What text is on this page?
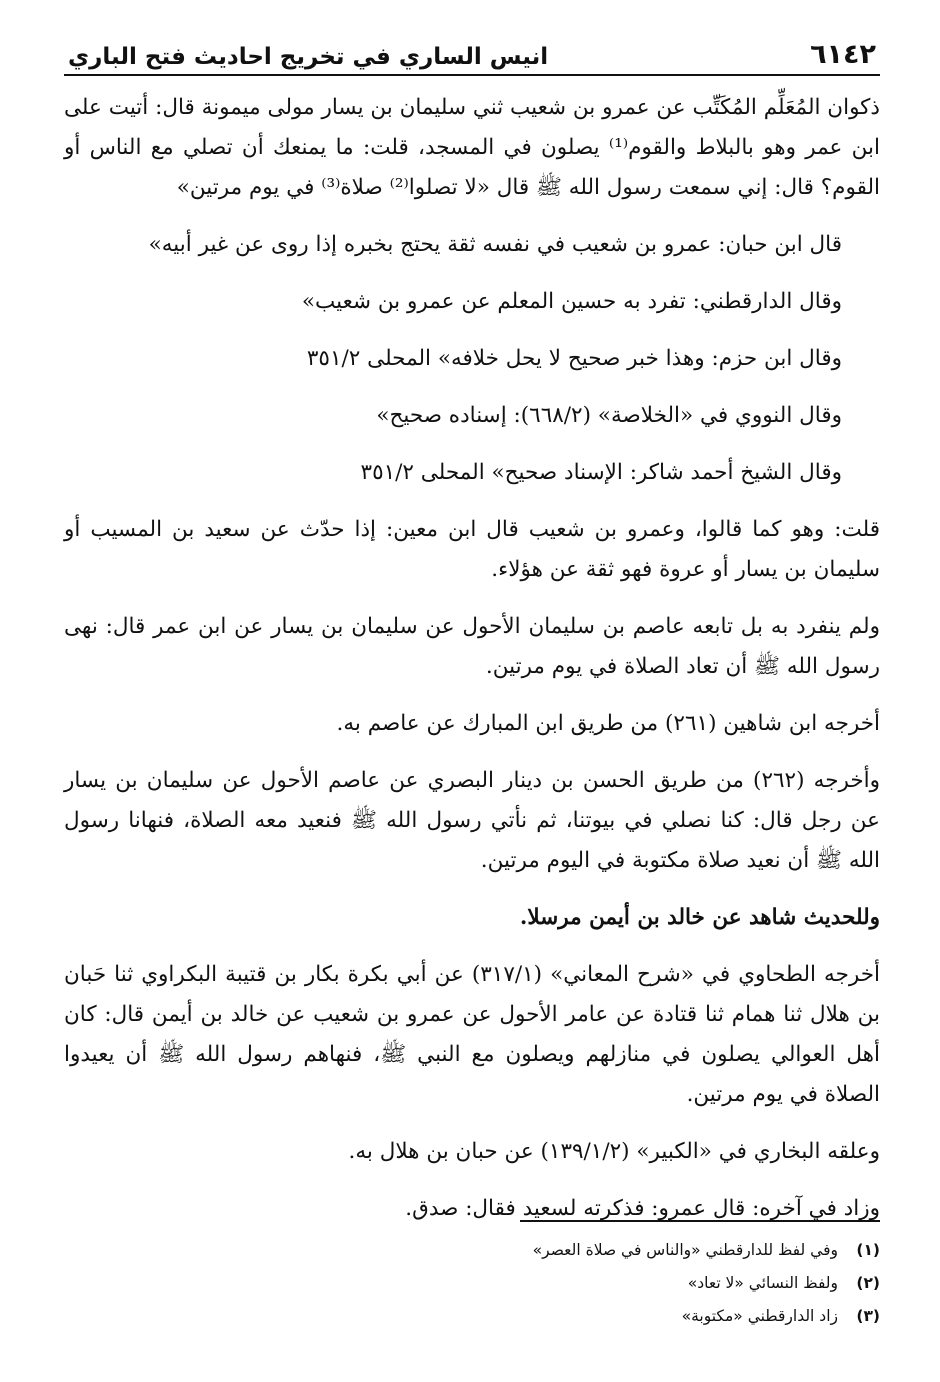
٦١٤٢
انيس الساري في تخريج احاديث فتح الباري

ذكوان المُعَلِّم المُكَتِّب عن عمرو بن شعيب ثني سليمان بن يسار مولى ميمونة قال: أتيت على ابن عمر وهو بالبلاط والقوم⁽¹⁾ يصلون في المسجد، قلت: ما يمنعك أن تصلي مع الناس أو القوم؟ قال: إني سمعت رسول الله ﷺ قال «لا تصلوا⁽²⁾ صلاة⁽³⁾ في يوم مرتين»

قال ابن حبان: عمرو بن شعيب في نفسه ثقة يحتج بخبره إذا روى عن غير أبيه»

وقال الدارقطني: تفرد به حسين المعلم عن عمرو بن شعيب»

وقال ابن حزم: وهذا خبر صحيح لا يحل خلافه» المحلى ٣٥١/٢

وقال النووي في «الخلاصة» (٦٦٨/٢): إسناده صحيح»

وقال الشيخ أحمد شاكر: الإسناد صحيح» المحلى ٣٥١/٢

قلت: وهو كما قالوا، وعمرو بن شعيب قال ابن معين: إذا حدّث عن سعيد بن المسيب أو سليمان بن يسار أو عروة فهو ثقة عن هؤلاء.

ولم ينفرد به بل تابعه عاصم بن سليمان الأحول عن سليمان بن يسار عن ابن عمر قال: نهى رسول الله ﷺ أن تعاد الصلاة في يوم مرتين.

أخرجه ابن شاهين (٢٦١) من طريق ابن المبارك عن عاصم به.

وأخرجه (٢٦٢) من طريق الحسن بن دينار البصري عن عاصم الأحول عن سليمان بن يسار عن رجل قال: كنا نصلي في بيوتنا، ثم نأتي رسول الله ﷺ فنعيد معه الصلاة، فنهانا رسول الله ﷺ أن نعيد صلاة مكتوبة في اليوم مرتين.

وللحديث شاهد عن خالد بن أيمن مرسلا.

أخرجه الطحاوي في «شرح المعاني» (٣١٧/١) عن أبي بكرة بكار بن قتيبة البكراوي ثنا حَبان بن هلال ثنا همام ثنا قتادة عن عامر الأحول عن عمرو بن شعيب عن خالد بن أيمن قال: كان أهل العوالي يصلون في منازلهم ويصلون مع النبي ﷺ، فنهاهم رسول الله ﷺ أن يعيدوا الصلاة في يوم مرتين.

وعلقه البخاري في «الكبير» (١٣٩/١/٢) عن حبان بن هلال به.

وزاد في آخره: قال عمرو: فذكرته لسعيد فقال: صدق.

(١)
وفي لفظ للدارقطني «والناس في صلاة العصر»
(٢)
ولفظ النسائي «لا تعاد»
(٣)
زاد الدارقطني «مكتوبة»
